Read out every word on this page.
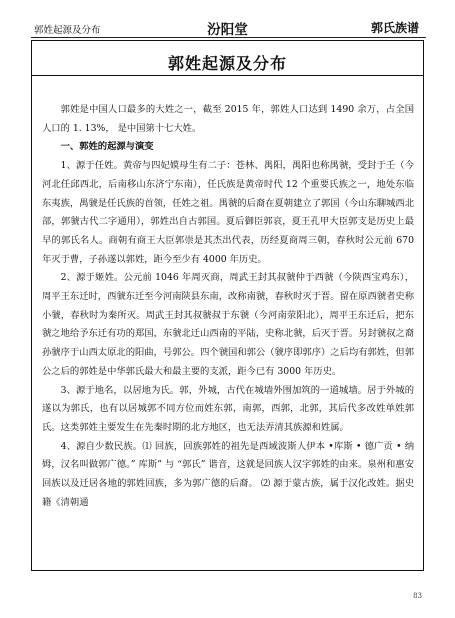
郭姓起源及分布	汾阳堂	郭氏族谱
郭姓起源及分布

郭姓是中国人口最多的大姓之一，截至 2015 年，郭姓人口达到 1490 余万，占全国人口的 1. 13%， 是中国第十七大姓。

一、郭姓的起源与演变

1、源于任姓。黄帝与四妃嫫母生有二子：苍林、禺阳，禺阳也称禺虢，受封于壬（今河北任邱西北，后南移山东济宁东南），任氏族是黄帝时代 12 个重要氏族之一，地处东临东夷族，禺虢是任氏族的首领，任姓之祖。禺虢的后裔在夏朝建立了郭国（今山东聊城西北部，郭虢古代二字通用），郭姓出自古郭国。夏后御臣郭哀，夏王孔甲大臣郭支是历史上最早的郭氏名人。商朝有商王大臣郭崇是其杰出代表，历经夏商周三朝，春秋时公元前 670 年灭于曹，子孙遂以郭姓，距今至少有 4000 年历史。

2、源于姬姓。公元前 1046 年周灭商，周武王封其叔虢仲于西虢（今陕西宝鸡东），周平王东迁时，西虢东迁至今河南陕县东南，改称南虢，春秋时灭于晋。留在原西虢者史称小虢，春秋时为秦所灭。周武王封其叔虢叔于东虢（今河南荥阳北），周平王东迁后，把东虢之地给予东迁有功的郑国，东虢北迁山西南的平陆，史称北虢，后灭于晋。另封虢叔之裔孙虢序于山西太原北的阳曲，号郭公。四个虢国和郭公（虢序即郭序）之后均有郭姓，但郭公之后的郭姓是中华郭氏最大和最主要的支派，距今已有 3000 年历史。

3、源于地名，以居地为氏。郭，外城，古代在城墙外围加筑的一道城墙。居于外城的遂以为郭氏，也有以居城郭不同方位而姓东郭，南郭，西郭，北郭，其后代多改姓单姓郭氏。这类郭姓主要发生在先秦时期的北方地区，也无法弄清其族源和姓属。

4、源自少数民族。⑴ 回族，回族郭姓的祖先是西域波斯人伊本 •库斯 • 德广贡 • 纳姆，汉名叫做郭广德。” 库斯” 与 “郭氏” 谐音，这就是回族人汉字郭姓的由来。泉州和惠安回族以及迁居各地的郭姓回族，多为郭广德的后裔。 ⑵ 源于蒙古族，属于汉化改姓。据史籍《清朝通

83
